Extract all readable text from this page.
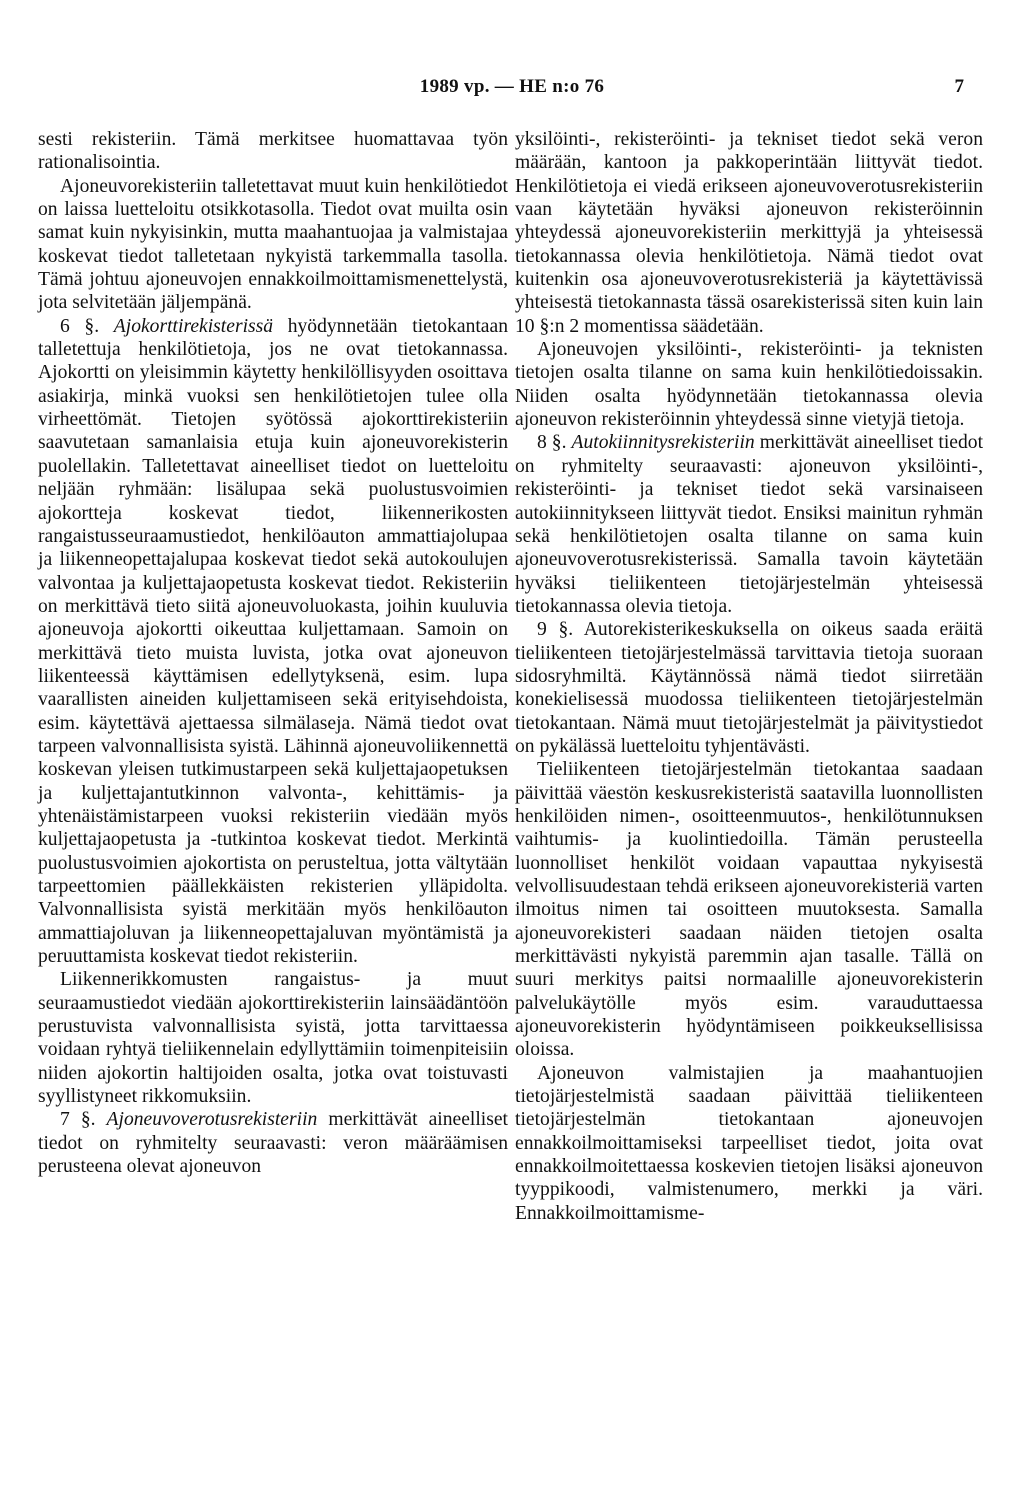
1989 vp. — HE n:o 76	7

sesti rekisteriin. Tämä merkitsee huomattavaa työn rationalisointia.

Ajoneuvorekisteriin talletettavat muut kuin henkilötiedot on laissa luetteloitu otsikkotasolla. Tiedot ovat muilta osin samat kuin nykyisinkin, mutta maahantuojaa ja valmistajaa koskevat tiedot talletetaan nykyistä tarkemmalla tasolla. Tämä johtuu ajoneuvojen ennakkoilmoittamismenettelystä, jota selvitetään jäljempänä.

6 §. Ajokorttirekisterissä hyödynnetään tietokantaan talletettuja henkilötietoja, jos ne ovat tietokannassa. Ajokortti on yleisimmin käytetty henkilöllisyyden osoittava asiakirja, minkä vuoksi sen henkilötietojen tulee olla virheettömät. Tietojen syötössä ajokorttirekisteriin saavutetaan samanlaisia etuja kuin ajoneuvorekisterin puolellakin. Talletettavat aineelliset tiedot on luetteloitu neljään ryhmään: lisälupaa sekä puolustusvoimien ajokortteja koskevat tiedot, liikennerikosten rangaistusseuraamustiedot, henkilöauton ammattiajolupaa ja liikenneopettajalupaa koskevat tiedot sekä autokoulujen valvontaa ja kuljettajaopetusta koskevat tiedot. Rekisteriin on merkittävä tieto siitä ajoneuvoluokasta, joihin kuuluvia ajoneuvoja ajokortti oikeuttaa kuljettamaan. Samoin on merkittävä tieto muista luvista, jotka ovat ajoneuvon liikenteessä käyttämisen edellytyksenä, esim. lupa vaarallisten aineiden kuljettamiseen sekä erityisehdoista, esim. käytettävä ajettaessa silmälaseja. Nämä tiedot ovat tarpeen valvonnallisista syistä. Lähinnä ajoneuvoliikennettä koskevan yleisen tutkimustarpeen sekä kuljettajaopetuksen ja kuljettajantutkinnon valvonta-, kehittämis- ja yhtenäistämistarpeen vuoksi rekisteriin viedään myös kuljettajaopetusta ja -tutkintoa koskevat tiedot. Merkintä puolustusvoimien ajokortista on perusteltua, jotta vältytään tarpeettomien päällekkäisten rekisterien ylläpidolta. Valvonnallisista syistä merkitään myös henkilöauton ammattiajoluvan ja liikenneopettajaluvan myöntämistä ja peruuttamista koskevat tiedot rekisteriin.

Liikennerikkomusten rangaistus- ja muut seuraamustiedot viedään ajokorttirekisteriin lainsäädäntöön perustuvista valvonnallisista syistä, jotta tarvittaessa voidaan ryhtyä tieliikennelain edyllyttämiin toimenpiteisiin niiden ajokortin haltijoiden osalta, jotka ovat toistuvasti syyllistyneet rikkomuksiin.

7 §. Ajoneuvoverotusrekisteriin merkittävät aineelliset tiedot on ryhmitelty seuraavasti: veron määräämisen perusteena olevat ajoneuvon

yksilöinti-, rekisteröinti- ja tekniset tiedot sekä veron määrään, kantoon ja pakkoperintään liittyvät tiedot. Henkilötietoja ei viedä erikseen ajoneuvoverotusrekisteriin vaan käytetään hyväksi ajoneuvon rekisteröinnin yhteydessä ajoneuvorekisteriin merkittyjä ja yhteisessä tietokannassa olevia henkilötietoja. Nämä tiedot ovat kuitenkin osa ajoneuvoverotusrekisteriä ja käytettävissä yhteisestä tietokannasta tässä osarekisterissä siten kuin lain 10 §:n 2 momentissa säädetään.

Ajoneuvojen yksilöinti-, rekisteröinti- ja teknisten tietojen osalta tilanne on sama kuin henkilötiedoissakin. Niiden osalta hyödynnetään tietokannassa olevia ajoneuvon rekisteröinnin yhteydessä sinne vietyjä tietoja.

8 §. Autokiinnitysrekisteriin merkittävät aineelliset tiedot on ryhmitelty seuraavasti: ajoneuvon yksilöinti-, rekisteröinti- ja tekniset tiedot sekä varsinaiseen autokiinnitykseen liittyvät tiedot. Ensiksi mainitun ryhmän sekä henkilötietojen osalta tilanne on sama kuin ajoneuvoverotusrekisterissä. Samalla tavoin käytetään hyväksi tieliikenteen tietojärjestelmän yhteisessä tietokannassa olevia tietoja.

9 §. Autorekisterikeskuksella on oikeus saada eräitä tieliikenteen tietojärjestelmässä tarvittavia tietoja suoraan sidosryhmiltä. Käytännössä nämä tiedot siirretään konekielisessä muodossa tieliikenteen tietojärjestelmän tietokantaan. Nämä muut tietojärjestelmät ja päivitystiedot on pykälässä luetteloitu tyhjentävästi.

Tieliikenteen tietojärjestelmän tietokantaa saadaan päivittää väestön keskusrekisteristä saatavilla luonnollisten henkilöiden nimen-, osoitteenmuutos-, henkilötunnuksen vaihtumis- ja kuolintiedoilla. Tämän perusteella luonnolliset henkilöt voidaan vapauttaa nykyisestä velvollisuudestaan tehdä erikseen ajoneuvorekisteriä varten ilmoitus nimen tai osoitteen muutoksesta. Samalla ajoneuvorekisteri saadaan näiden tietojen osalta merkittävästi nykyistä paremmin ajan tasalle. Tällä on suuri merkitys paitsi normaalille ajoneuvorekisterin palvelukäytölle myös esim. varauduttaessa ajoneuvorekisterin hyödyntämiseen poikkeuksellisissa oloissa.

Ajoneuvon valmistajien ja maahantuojien tietojärjestelmistä saadaan päivittää tieliikenteen tietojärjestelmän tietokantaan ajoneuvojen ennakkoilmoittamiseksi tarpeelliset tiedot, joita ovat ennakkoilmoitettaessa koskevien tietojen lisäksi ajoneuvon tyyppikoodi, valmistenumero, merkki ja väri. Ennakkoilmoittamisme-
